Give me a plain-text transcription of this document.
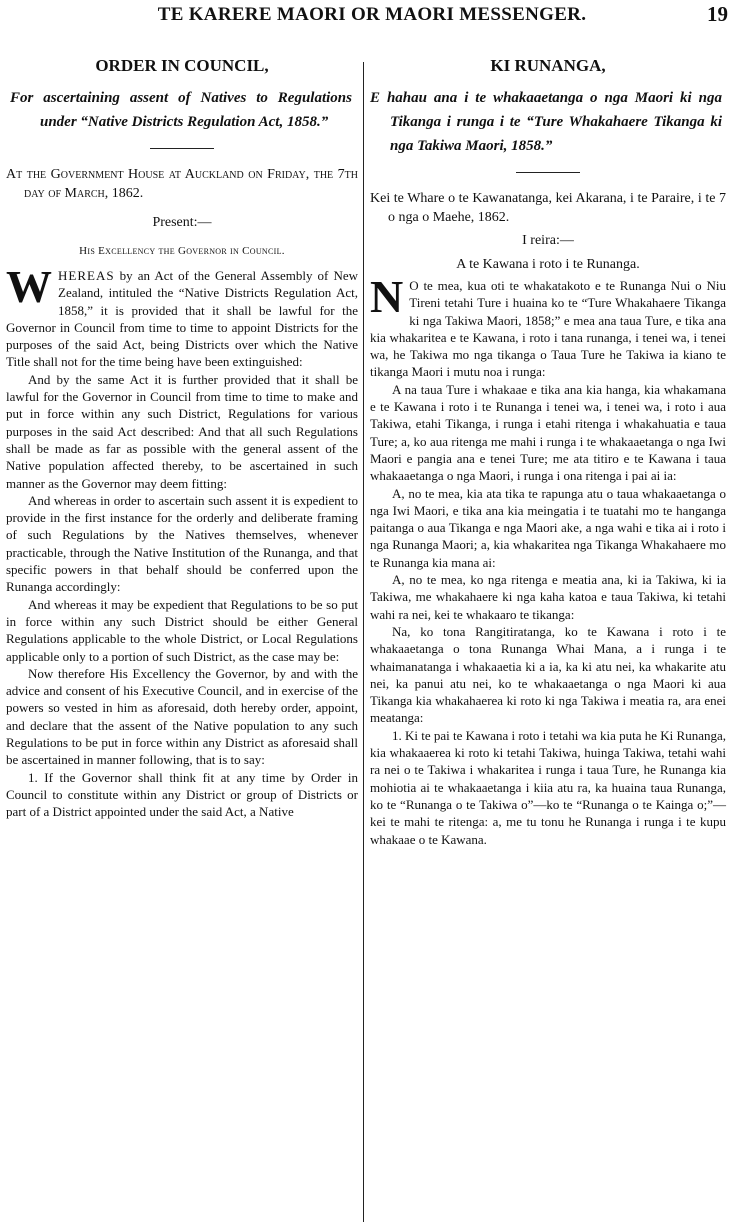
TE KARERE MAORI OR MAORI MESSENGER.	19

ORDER IN COUNCIL,

For ascertaining assent of Natives to Regulations under “Native Districts Regulation Act, 1858.”

At the Government House at Auckland on Friday, the 7th day of March, 1862.

Present:—

His Excellency the Governor in Council.

WHEREAS by an Act of the General Assembly of New Zealand, intituled the “Native Districts Regulation Act, 1858,” it is provided that it shall be lawful for the Governor in Council from time to time to appoint Districts for the purposes of the said Act, being Districts over which the Native Title shall not for the time being have been extinguished:

And by the same Act it is further provided that it shall be lawful for the Governor in Council from time to time to make and put in force within any such District, Regulations for various purposes in the said Act described: And that all such Regulations shall be made as far as possible with the general assent of the Native population affected thereby, to be ascertained in such manner as the Governor may deem fitting:

And whereas in order to ascertain such assent it is expedient to provide in the first instance for the orderly and deliberate framing of such Regulations by the Natives themselves, whenever practicable, through the Native Institution of the Runanga, and that specific powers in that behalf should be conferred upon the Runanga accordingly:

And whereas it may be expedient that Regulations to be so put in force within any such District should be either General Regulations applicable to the whole District, or Local Regulations applicable only to a portion of such District, as the case may be:

Now therefore His Excellency the Governor, by and with the advice and consent of his Executive Council, and in exercise of the powers so vested in him as aforesaid, doth hereby order, appoint, and declare that the assent of the Native population to any such Regulations to be put in force within any District as aforesaid shall be ascertained in manner following, that is to say:

1. If the Governor shall think fit at any time by Order in Council to constitute within any District or group of Districts or part of a District appointed under the said Act, a Native

KI RUNANGA,

E hahau ana i te whakaaetanga o nga Maori ki nga Tikanga i runga i te “Ture Whakahaere Tikanga ki nga Takiwa Maori, 1858.”

Kei te Whare o te Kawanatanga, kei Akarana, i te Paraire, i te 7 o nga o Maehe, 1862.

I reira:—

A te Kawana i roto i te Runanga.

N O te mea, kua oti te whakatakoto e te Runanga Nui o Niu Tireni tetahi Ture i huaina ko te “Ture Whakahaere Tikanga ki nga Takiwa Maori, 1858;” e mea ana taua Ture, e tika ana kia whakaritea e te Kawana, i roto i tana runanga, i tenei wa, i tenei wa, he Takiwa mo nga tikanga o Taua Ture he Takiwa ia kiano te tikanga Maori i mutu noa i runga:

A na taua Ture i whakaae e tika ana kia hanga, kia whakamana e te Kawana i roto i te Runanga i tenei wa, i tenei wa, i roto i aua Takiwa, etahi Tikanga, i runga i etahi ritenga i whakahuatia e taua Ture; a, ko aua ritenga me mahi i runga i te whakaaetanga o nga Iwi Maori e pangia ana e tenei Ture; me ata titiro e te Kawana i taua whakaaetanga o nga Maori, i runga i ona ritenga i pai ai ia:

A, no te mea, kia ata tika te rapunga atu o taua whakaaetanga o nga Iwi Maori, e tika ana kia meingatia i te tuatahi mo te hanganga paitanga o aua Tikanga e nga Maori ake, a nga wahi e tika ai i roto i nga Runanga Maori; a, kia whakaritea nga Tikanga Whakahaere mo te Runanga kia mana ai:

A, no te mea, ko nga ritenga e meatia ana, ki ia Takiwa, ki ia Takiwa, me whakahaere ki nga kaha katoa e taua Takiwa, ki tetahi wahi ra nei, kei te whakaaro te tikanga:

Na, ko tona Rangitiratanga, ko te Kawana i roto i te whakaaetanga o tona Runanga Whai Mana, a i runga i te whaimanatanga i whakaaetia ki a ia, ka ki atu nei, ka whakarite atu nei, ka panui atu nei, ko te whakaaetanga o nga Maori ki aua Tikanga kia whakahaerea ki roto ki nga Takiwa i meatia ra, ara enei meatanga:

1. Ki te pai te Kawana i roto i tetahi wa kia puta he Ki Runanga, kia whakaaerea ki roto ki tetahi Takiwa, huinga Takiwa, tetahi wahi ra nei o te Takiwa i whakaritea i runga i taua Ture, he Runanga kia mohiotia ai te whakaaetanga i kiia atu ra, ka huaina taua Runanga, ko te “Runanga o te Takiwa o”—ko te “Runanga o te Kainga o;”—kei te mahi te ritenga: a, me tu tonu he Runanga i runga i te kupu whakaae o te Kawana.
